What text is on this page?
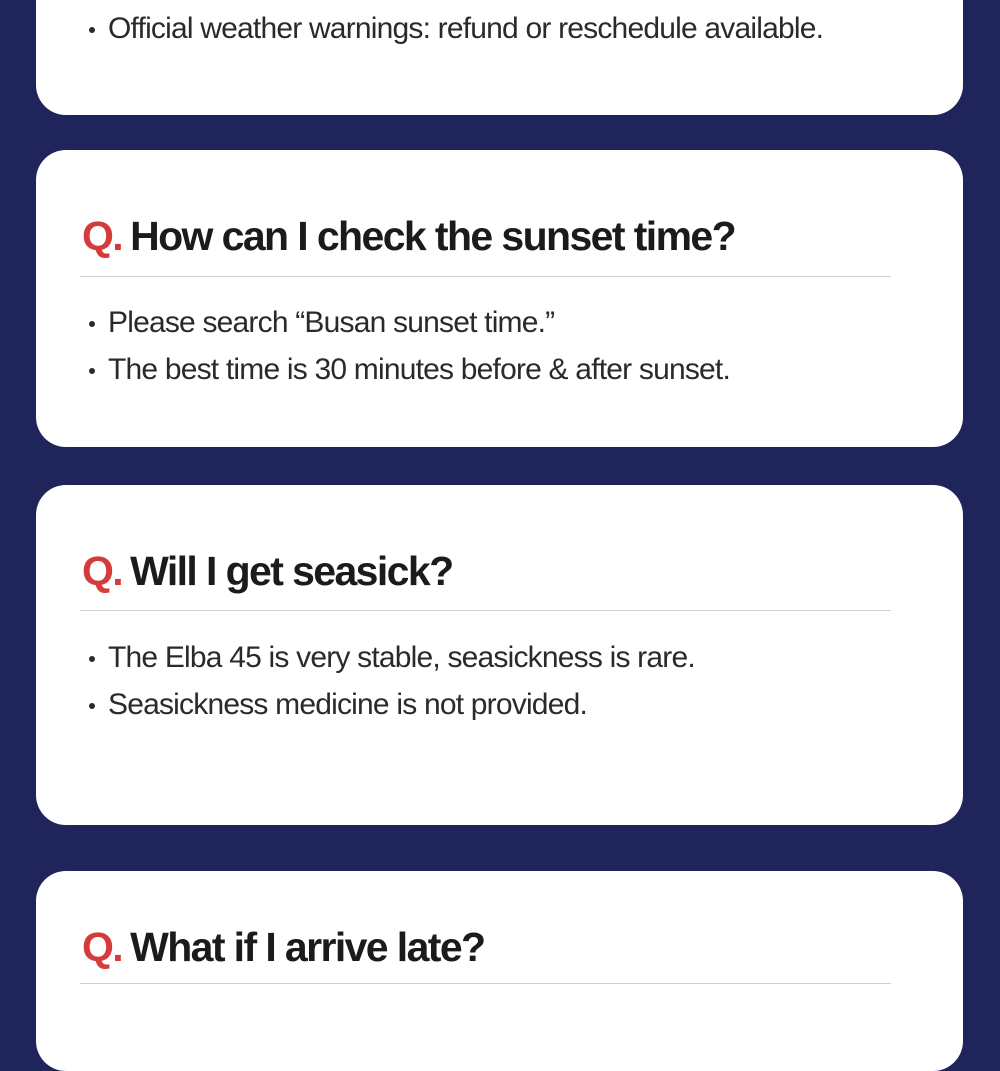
Official weather warnings: refund or reschedule available.
Q. How can I check the sunset time?
Please search “Busan sunset time.”
The best time is 30 minutes before & after sunset.
Q. Will I get seasick?
The Elba 45 is very stable, seasickness is rare.
Seasickness medicine is not provided.
Q. What if I arrive late?
